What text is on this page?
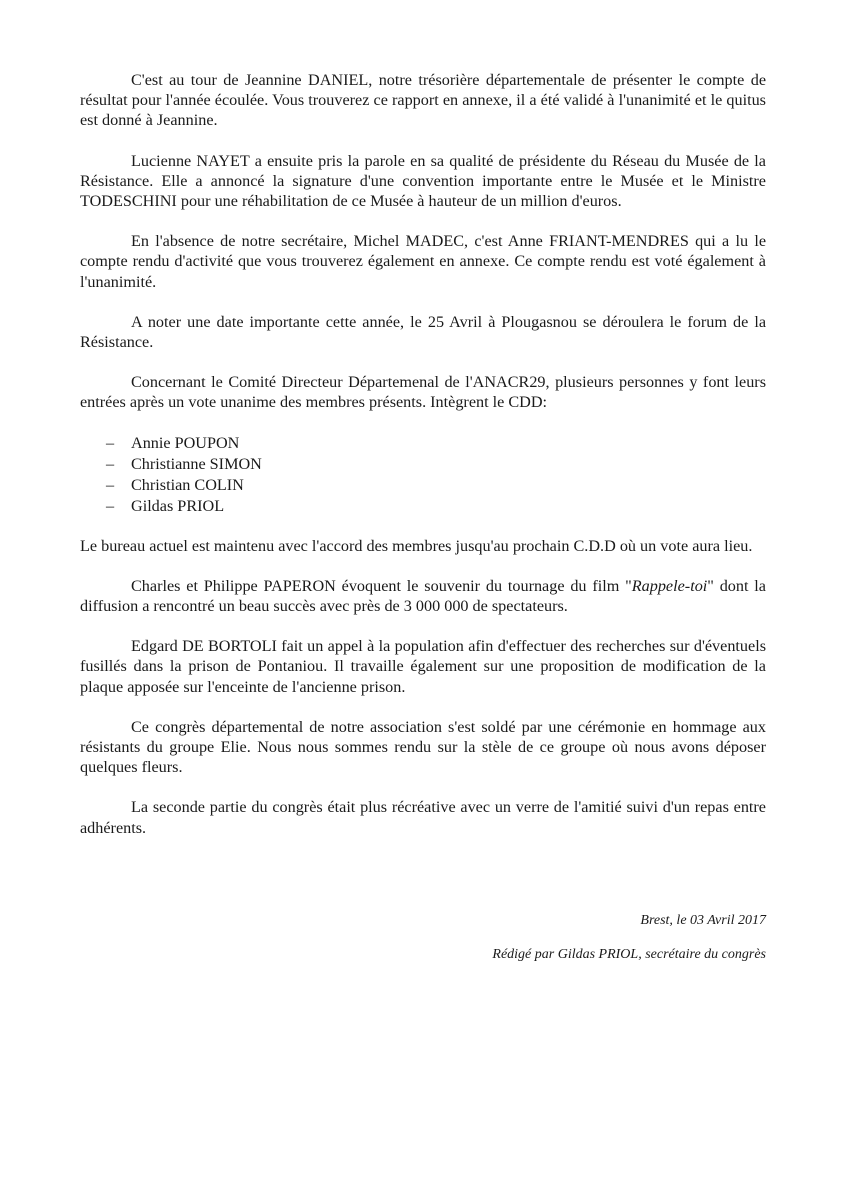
C'est au tour de Jeannine DANIEL, notre trésorière départementale de présenter le compte de résultat pour l'année écoulée. Vous trouverez ce rapport en annexe, il a été validé à l'unanimité et le quitus est donné à Jeannine.

Lucienne NAYET a ensuite pris la parole en sa qualité de présidente du Réseau du Musée de la Résistance. Elle a annoncé la signature d'une convention importante entre le Musée et le Ministre TODESCHINI pour une réhabilitation de ce Musée à hauteur de un million d'euros.

En l'absence de notre secrétaire, Michel MADEC, c'est Anne FRIANT-MENDRES qui a lu le compte rendu d'activité que vous trouverez également en annexe. Ce compte rendu est voté également à l'unanimité.

A noter une date importante cette année, le 25 Avril à Plougasnou se déroulera le forum de la Résistance.

Concernant le Comité Directeur Départemenal de l'ANACR29, plusieurs personnes y font leurs entrées après un vote unanime des membres présents. Intègrent le CDD:

– Annie POUPON
– Christianne SIMON
– Christian COLIN
– Gildas PRIOL

Le bureau actuel est maintenu avec l'accord des membres jusqu'au prochain C.D.D où un vote aura lieu.

Charles et Philippe PAPERON évoquent le souvenir du tournage du film "Rappele-toi" dont la diffusion a rencontré un beau succès avec près de 3 000 000 de spectateurs.

Edgard DE BORTOLI fait un appel à la population afin d'effectuer des recherches sur d'éventuels fusillés dans la prison de Pontaniou. Il travaille également sur une proposition de modification de la plaque apposée sur l'enceinte de l'ancienne prison.

Ce congrès départemental de notre association s'est soldé par une cérémonie en hommage aux résistants du groupe Elie. Nous nous sommes rendu sur la stèle de ce groupe où nous avons déposer quelques fleurs.

La seconde partie du congrès était plus récréative avec un verre de l'amitié suivi d'un repas entre adhérents.

Brest, le 03 Avril 2017
Rédigé par Gildas PRIOL, secrétaire du congrès
